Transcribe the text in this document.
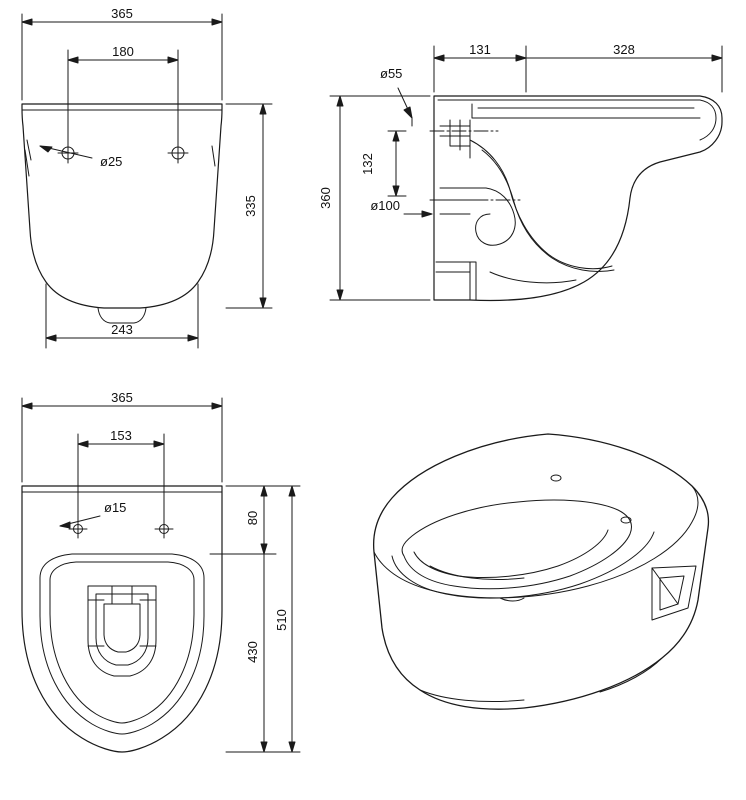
365
180
335
243
ø25
ø55
131	328
132
360	ø100
365
153
ø15
80
430
510
